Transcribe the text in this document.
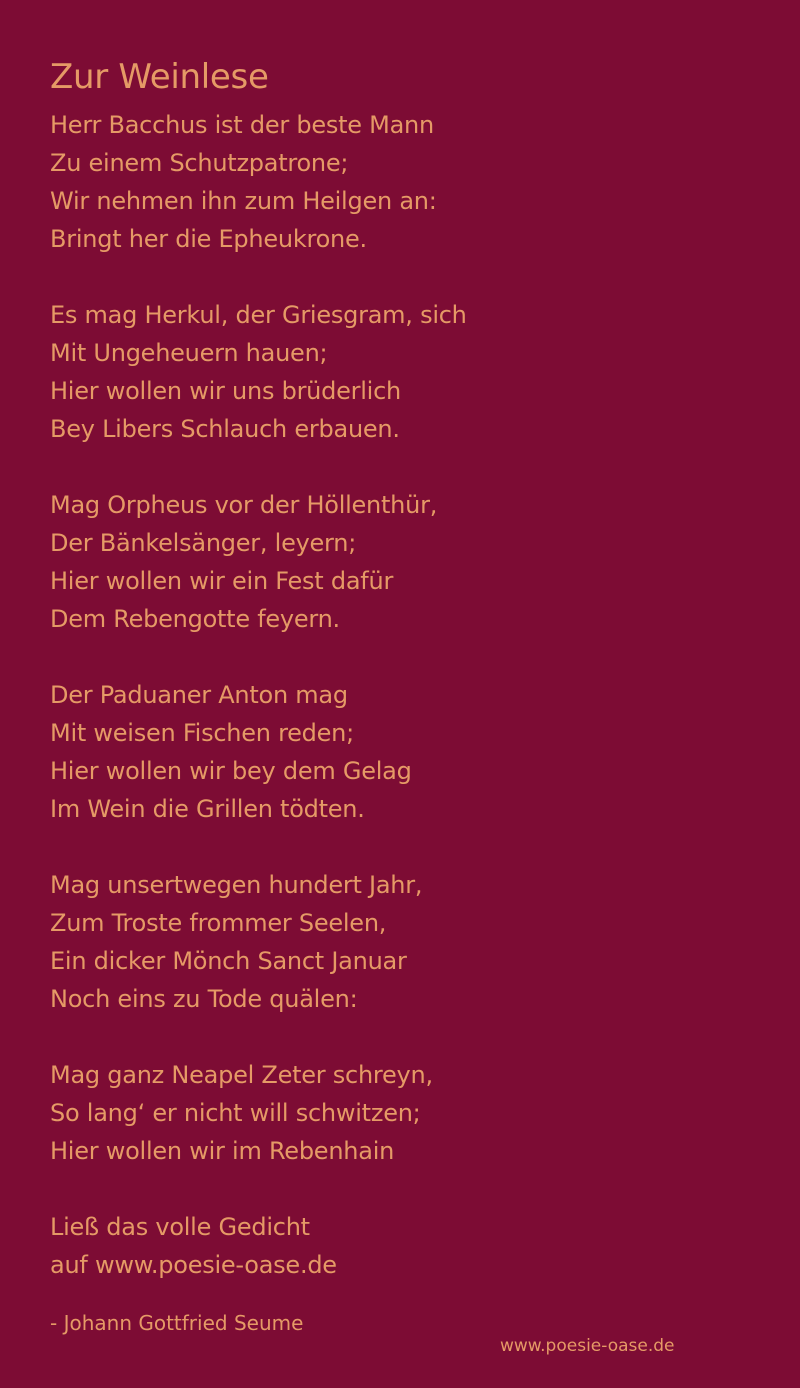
Zur Weinlese
Herr Bacchus ist der beste Mann
Zu einem Schutzpatrone;
Wir nehmen ihn zum Heilgen an:
Bringt her die Epheukrone.
Es mag Herkul, der Griesgram, sich
Mit Ungeheuern hauen;
Hier wollen wir uns brüderlich
Bey Libers Schlauch erbauen.
Mag Orpheus vor der Höllenthür,
Der Bänkelsänger, leyern;
Hier wollen wir ein Fest dafür
Dem Rebengotte feyern.
Der Paduaner Anton mag
Mit weisen Fischen reden;
Hier wollen wir bey dem Gelag
Im Wein die Grillen tödten.
Mag unsertwegen hundert Jahr,
Zum Troste frommer Seelen,
Ein dicker Mönch Sanct Januar
Noch eins zu Tode quälen:
Mag ganz Neapel Zeter schreyn,
So lang‘ er nicht will schwitzen;
Hier wollen wir im Rebenhain
Ließ das volle Gedicht
auf www.poesie-oase.de
- Johann Gottfried Seume
www.poesie-oase.de
